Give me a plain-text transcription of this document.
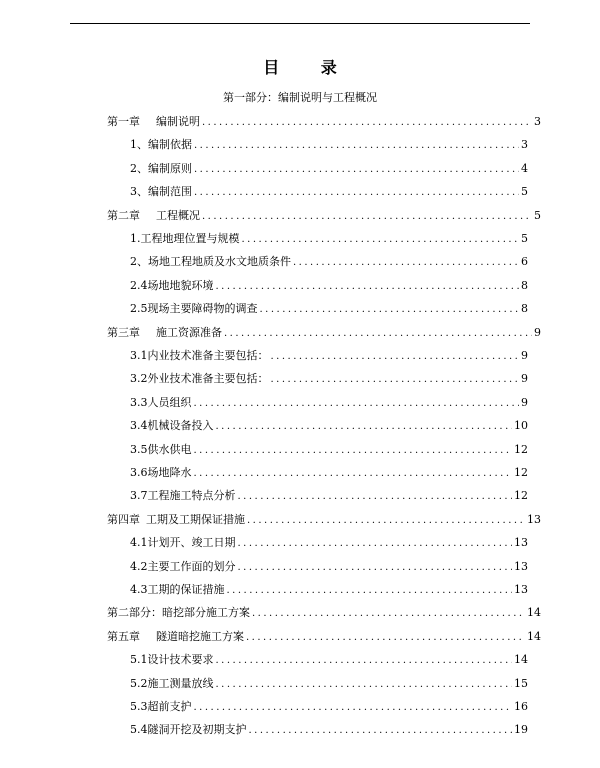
目 录
第一部分：编制说明与工程概况
第一章 编制说明 .....	3
1、编制依据 .....	3
2、编制原则 .....	4
3、编制范围 .....	5
第二章 工程概况 .....	5
1.工程地理位置与规模 .....	5
2、场地工程地质及水文地质条件 .....	6
2.4场地地貌环境 .....	8
2.5现场主要障碍物的调查 .....	8
第三章 施工资源准备 .....	9
3.1内业技术准备主要包括： .....	9
3.2外业技术准备主要包括： .....	9
3.3人员组织 .....	9
3.4机械设备投入 .....	10
3.5供水供电 .....	12
3.6场地降水 .....	12
3.7工程施工特点分析 .....	12
第四章 工期及工期保证措施 .....	13
4.1计划开、竣工日期 .....	13
4.2主要工作面的划分 .....	13
4.3工期的保证措施 .....	13
第二部分：暗挖部分施工方案 .....	14
第五章 隧道暗挖施工方案 .....	14
5.1设计技术要求 .....	14
5.2施工测量放线 .....	15
5.3超前支护 .....	16
5.4隧洞开挖及初期支护 .....	19
